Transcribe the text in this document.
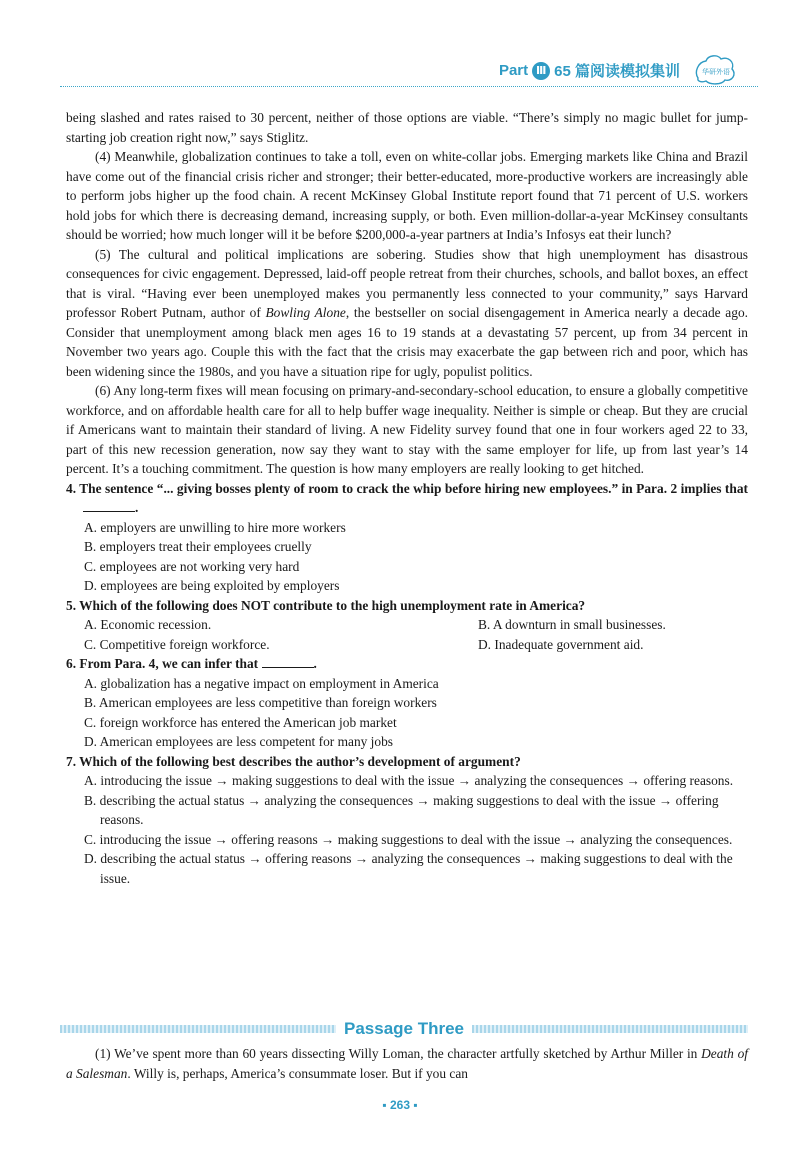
Part Ⅲ 65 篇阅读模拟集训	华研外语

being slashed and rates raised to 30 percent, neither of those options are viable. “There’s simply no magic bullet for jump-starting job creation right now,” says Stiglitz.

(4) Meanwhile, globalization continues to take a toll, even on white-collar jobs. Emerging markets like China and Brazil have come out of the financial crisis richer and stronger; their better-educated, more-productive workers are increasingly able to perform jobs higher up the food chain. A recent McKinsey Global Institute report found that 71 percent of U.S. workers hold jobs for which there is decreasing demand, increasing supply, or both. Even million-dollar-a-year McKinsey consultants should be worried; how much longer will it be before $200,000-a-year partners at India’s Infosys eat their lunch?

(5) The cultural and political implications are sobering. Studies show that high unemployment has disastrous consequences for civic engagement. Depressed, laid-off people retreat from their churches, schools, and ballot boxes, an effect that is viral. “Having ever been unemployed makes you permanently less connected to your community,” says Harvard professor Robert Putnam, author of Bowling Alone, the bestseller on social disengagement in America nearly a decade ago. Consider that unemployment among black men ages 16 to 19 stands at a devastating 57 percent, up from 34 percent in November two years ago. Couple this with the fact that the crisis may exacerbate the gap between rich and poor, which has been widening since the 1980s, and you have a situation ripe for ugly, populist politics.

(6) Any long-term fixes will mean focusing on primary-and-secondary-school education, to ensure a globally competitive workforce, and on affordable health care for all to help buffer wage inequality. Neither is simple or cheap. But they are crucial if Americans want to maintain their standard of living. A new Fidelity survey found that one in four workers aged 22 to 33, part of this new recession generation, now say they want to stay with the same employer for life, up from last year’s 14 percent. It’s a touching commitment. The question is how many employers are really looking to get hitched.

4. The sentence “... giving bosses plenty of room to crack the whip before hiring new employees.” in Para. 2 implies that .

A. employers are unwilling to hire more workers

B. employers treat their employees cruelly

C. employees are not working very hard

D. employees are being exploited by employers

5. Which of the following does NOT contribute to the high unemployment rate in America?

A. Economic recession.	B. A downturn in small businesses.

C. Competitive foreign workforce.	D. Inadequate government aid.

6. From Para. 4, we can infer that	.

A. globalization has a negative impact on employment in America

B. American employees are less competitive than foreign workers

C. foreign workforce has entered the American job market

D. American employees are less competent for many jobs

7. Which of the following best describes the author’s development of argument?

A. introducing the issue → making suggestions to deal with the issue → analyzing the consequences → offering reasons.

B. describing the actual status → analyzing the consequences → making suggestions to deal with the issue → offering reasons.

C. introducing the issue → offering reasons → making suggestions to deal with the issue → analyzing the consequences.

D. describing the actual status → offering reasons → analyzing the consequences → making suggestions to deal with the issue.

Passage Three

(1) We’ve spent more than 60 years dissecting Willy Loman, the character artfully sketched by Arthur Miller in Death of a Salesman. Willy is, perhaps, America’s consummate loser. But if you can

▪ 263 ▪
